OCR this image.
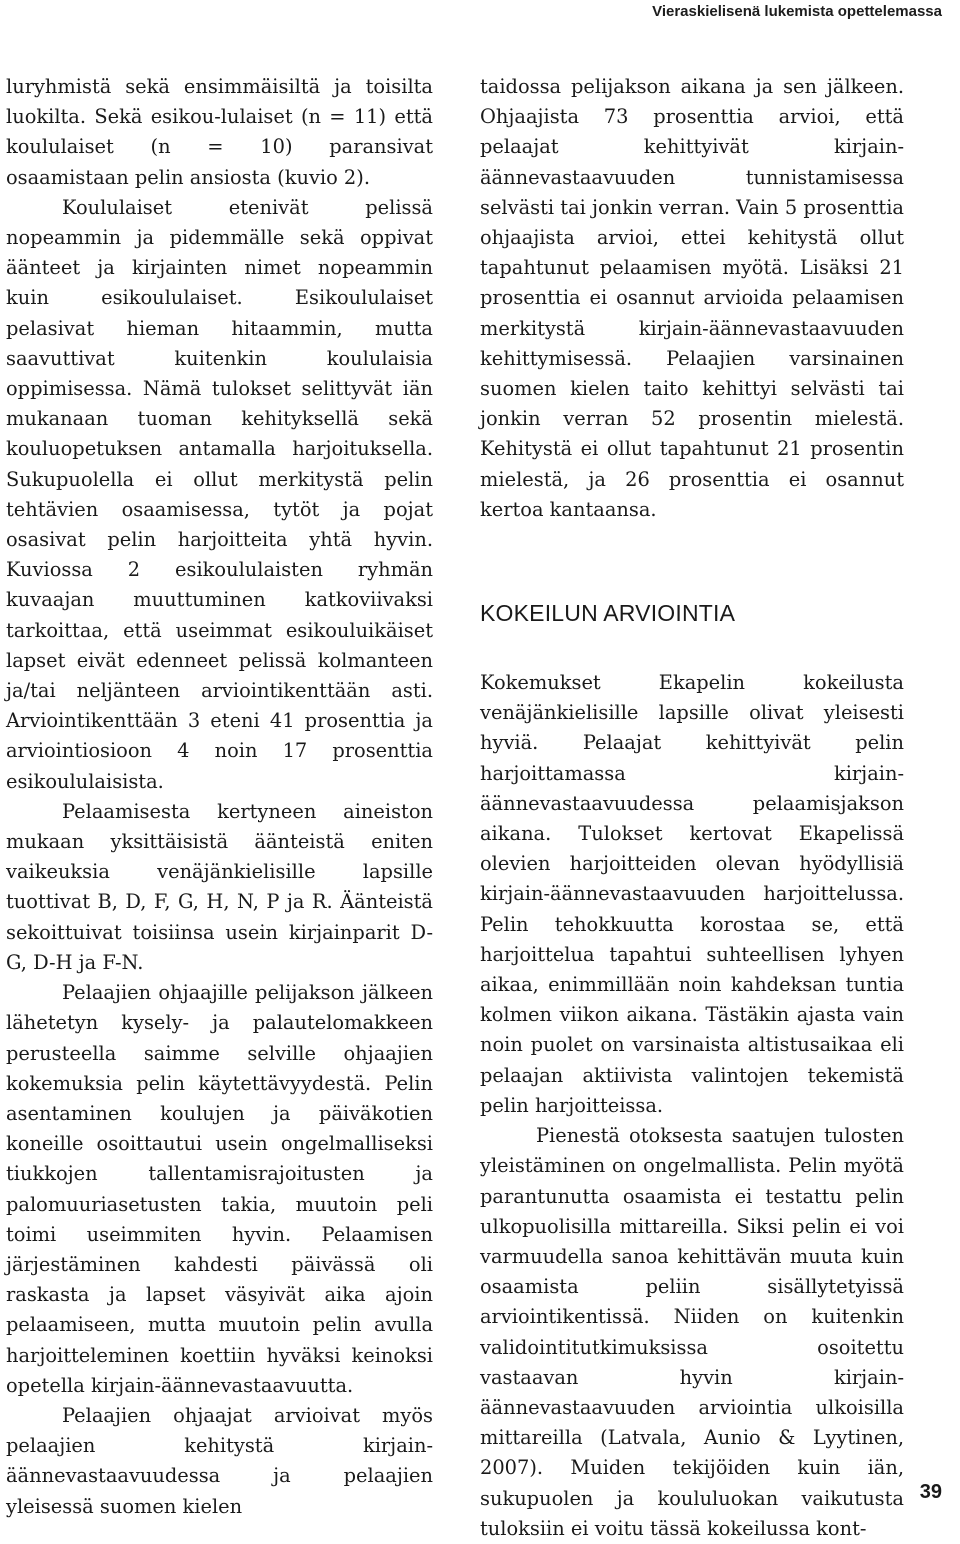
Vieraskielisenä lukemista opettelemassa

luryhmistä sekä ensimmäisiltä ja toisilta luokilta. Sekä esikou-lulaiset (n = 11) että koululaiset (n = 10) paransivat osaamistaan pelin ansiosta (kuvio 2).

Koululaiset etenivät pelissä nopeammin ja pidemmälle sekä oppivat äänteet ja kirjainten nimet nopeammin kuin esikoululaiset. Esikoululaiset pelasivat hieman hitaammin, mutta saavuttivat kuitenkin koululaisia oppimisessa. Nämä tulokset selittyvät iän mukanaan tuoman kehityksellä sekä kouluopetuksen antamalla harjoituksella. Sukupuolella ei ollut merkitystä pelin tehtävien osaamisessa, tytöt ja pojat osasivat pelin harjoitteita yhtä hyvin. Kuviossa 2 esikoululaisten ryhmän kuvaajan muuttuminen katkoviivaksi tarkoittaa, että useimmat esikouluikäiset lapset eivät edenneet pelissä kolmanteen ja/tai neljänteen arviointikenttään asti. Arviointikenttään 3 eteni 41 prosenttia ja arviointiosioon 4 noin 17 prosenttia esikoululaisista.

Pelaamisesta kertyneen aineiston mukaan yksittäisistä äänteistä eniten vaikeuksia venäjänkielisille lapsille tuottivat B, D, F, G, H, N, P ja R. Äänteistä sekoittuivat toisiinsa usein kirjainparit D-G, D-H ja F-N.

Pelaajien ohjaajille pelijakson jälkeen lähetetyn kysely- ja palautelomakkeen perusteella saimme selville ohjaajien kokemuksia pelin käytettävyydestä. Pelin asentaminen koulujen ja päiväkotien koneille osoittautui usein ongelmalliseksi tiukkojen tallentamisrajoitusten ja palomuuriasetusten takia, muutoin peli toimi useimmiten hyvin. Pelaamisen järjestäminen kahdesti päivässä oli raskasta ja lapset väsyivät aika ajoin pelaamiseen, mutta muutoin pelin avulla harjoitteleminen koettiin hyväksi keinoksi opetella kirjain-äännevastaavuutta.

Pelaajien ohjaajat arvioivat myös pelaajien kehitystä kirjain-äännevastaavuudessa ja pelaajien yleisessä suomen kielen

taidossa pelijakson aikana ja sen jälkeen. Ohjaajista 73 prosenttia arvioi, että pelaajat kehittyivät kirjain-äännevastaavuuden tunnistamisessa selvästi tai jonkin verran. Vain 5 prosenttia ohjaajista arvioi, ettei kehitystä ollut tapahtunut pelaamisen myötä. Lisäksi 21 prosenttia ei osannut arvioida pelaamisen merkitystä kirjain-äännevastaavuuden kehittymisessä. Pelaajien varsinainen suomen kielen taito kehittyi selvästi tai jonkin verran 52 prosentin mielestä. Kehitystä ei ollut tapahtunut 21 prosentin mielestä, ja 26 prosenttia ei osannut kertoa kantaansa.

KOKEILUN ARVIOINTIA

Kokemukset Ekapelin kokeilusta venäjänkielisille lapsille olivat yleisesti hyviä. Pelaajat kehittyivät pelin harjoittamassa kirjain-äännevastaavuudessa pelaamisjakson aikana. Tulokset kertovat Ekapelissä olevien harjoitteiden olevan hyödyllisiä kirjain-äännevastaavuuden harjoittelussa. Pelin tehokkuutta korostaa se, että harjoittelua tapahtui suhteellisen lyhyen aikaa, enimmillään noin kahdeksan tuntia kolmen viikon aikana. Tästäkin ajasta vain noin puolet on varsinaista altistusaikaa eli pelaajan aktiivista valintojen tekemistä pelin harjoitteissa.

Pienestä otoksesta saatujen tulosten yleistäminen on ongelmallista. Pelin myötä parantunutta osaamista ei testattu pelin ulkopuolisilla mittareilla. Siksi pelin ei voi varmuudella sanoa kehittävän muuta kuin osaamista peliin sisällytetyissä arviointikentissä. Niiden on kuitenkin validointitutkimuksissa osoitettu vastaavan hyvin kirjain-äännevastaavuuden arviointia ulkoisilla mittareilla (Latvala, Aunio & Lyytinen, 2007). Muiden tekijöiden kuin iän, sukupuolen ja koululuokan vaikutusta tuloksiin ei voitu tässä kokeilussa kont-

39
